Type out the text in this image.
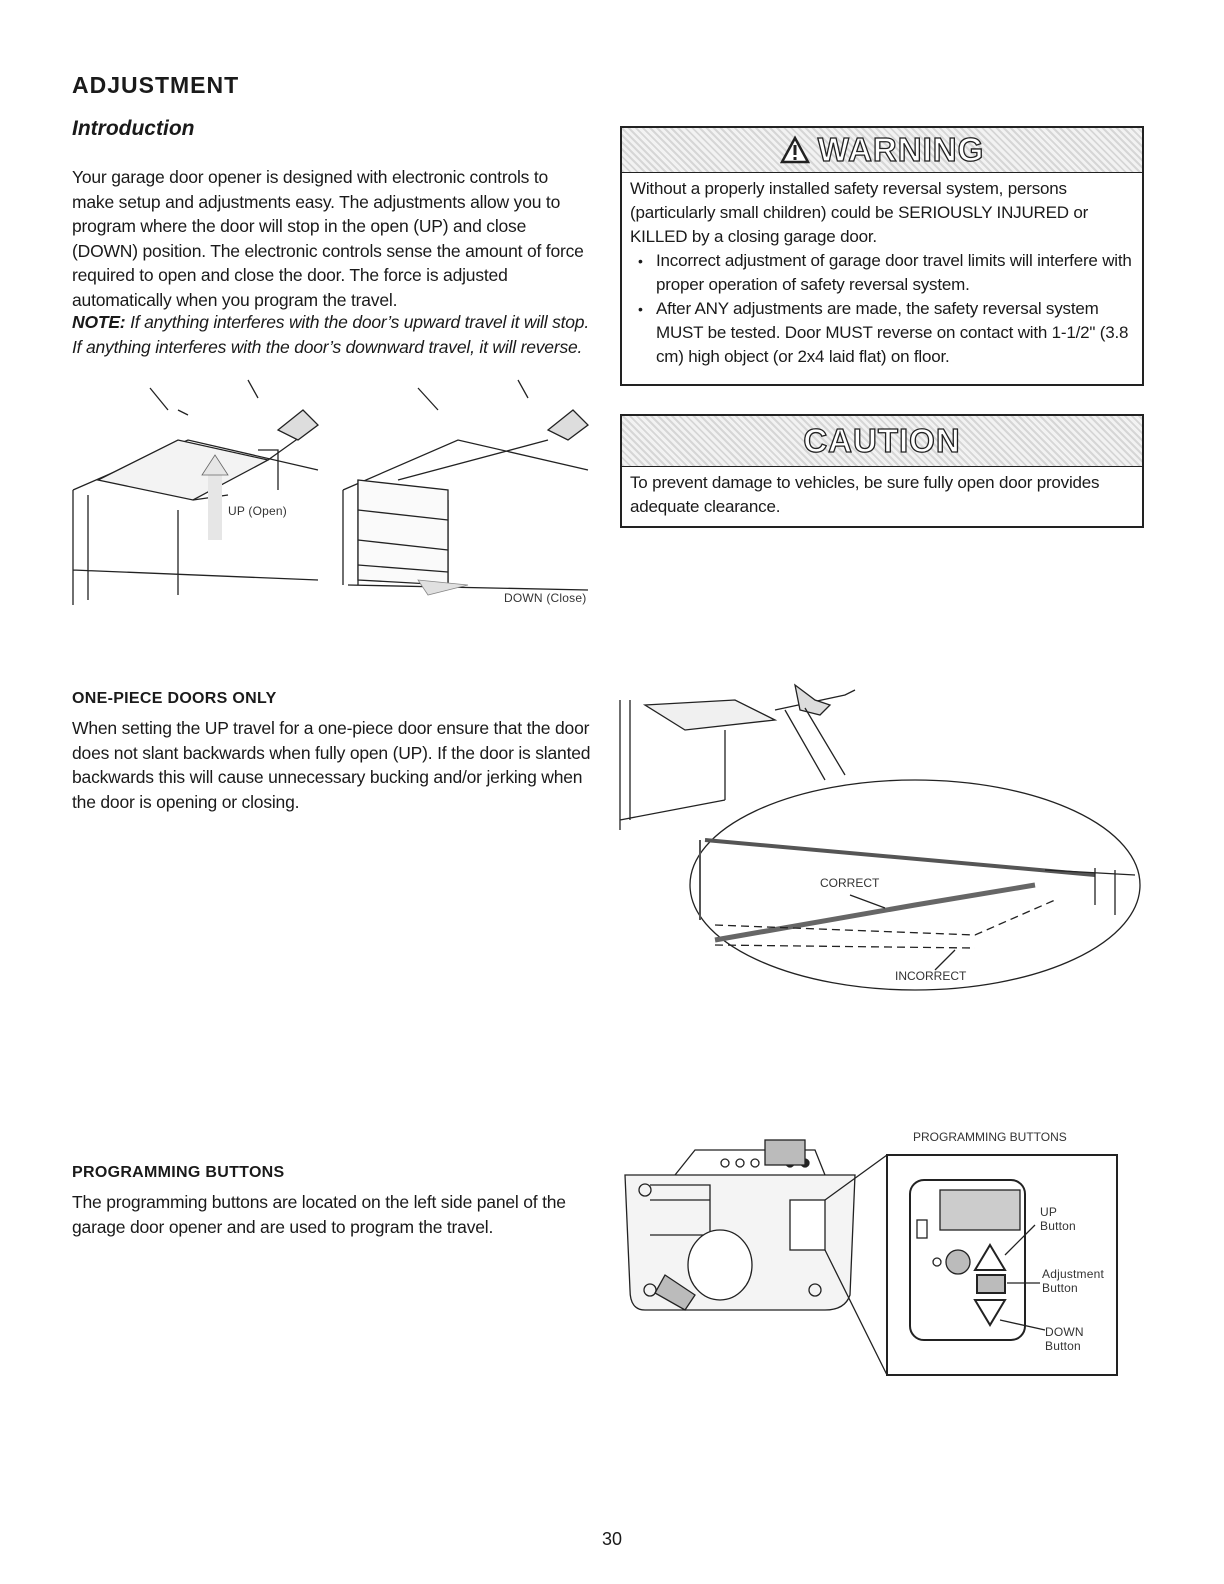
ADJUSTMENT
Introduction
Your garage door opener is designed with electronic controls to make setup and adjustments easy. The adjustments allow you to program where the door will stop in the open (UP) and close (DOWN) position. The electronic controls sense the amount of force required to open and close the door. The force is adjusted automatically when you program the travel.
NOTE: If anything interferes with the door’s upward travel it will stop. If anything interferes with the door’s downward travel, it will reverse.
WARNING
Without a properly installed safety reversal system, persons (particularly small children) could be SERIOUSLY INJURED or KILLED by a closing garage door.
• Incorrect adjustment of garage door travel limits will interfere with proper operation of safety reversal system.
• After ANY adjustments are made, the safety reversal system MUST be tested. Door MUST reverse on contact with 1-1/2" (3.8 cm) high object (or 2x4 laid flat) on floor.
CAUTION
To prevent damage to vehicles, be sure fully open door provides adequate clearance.
UP (Open)
DOWN (Close)
ONE-PIECE DOORS ONLY
When setting the UP travel for a one-piece door ensure that the door does not slant backwards when fully open (UP). If the door is slanted backwards this will cause unnecessary bucking and/or jerking when the door is opening or closing.
CORRECT
INCORRECT
PROGRAMMING BUTTONS
The programming buttons are located on the left side panel of the garage door opener and are used to program the travel.
PROGRAMMING BUTTONS
UP Button
Adjustment Button
DOWN Button
30
